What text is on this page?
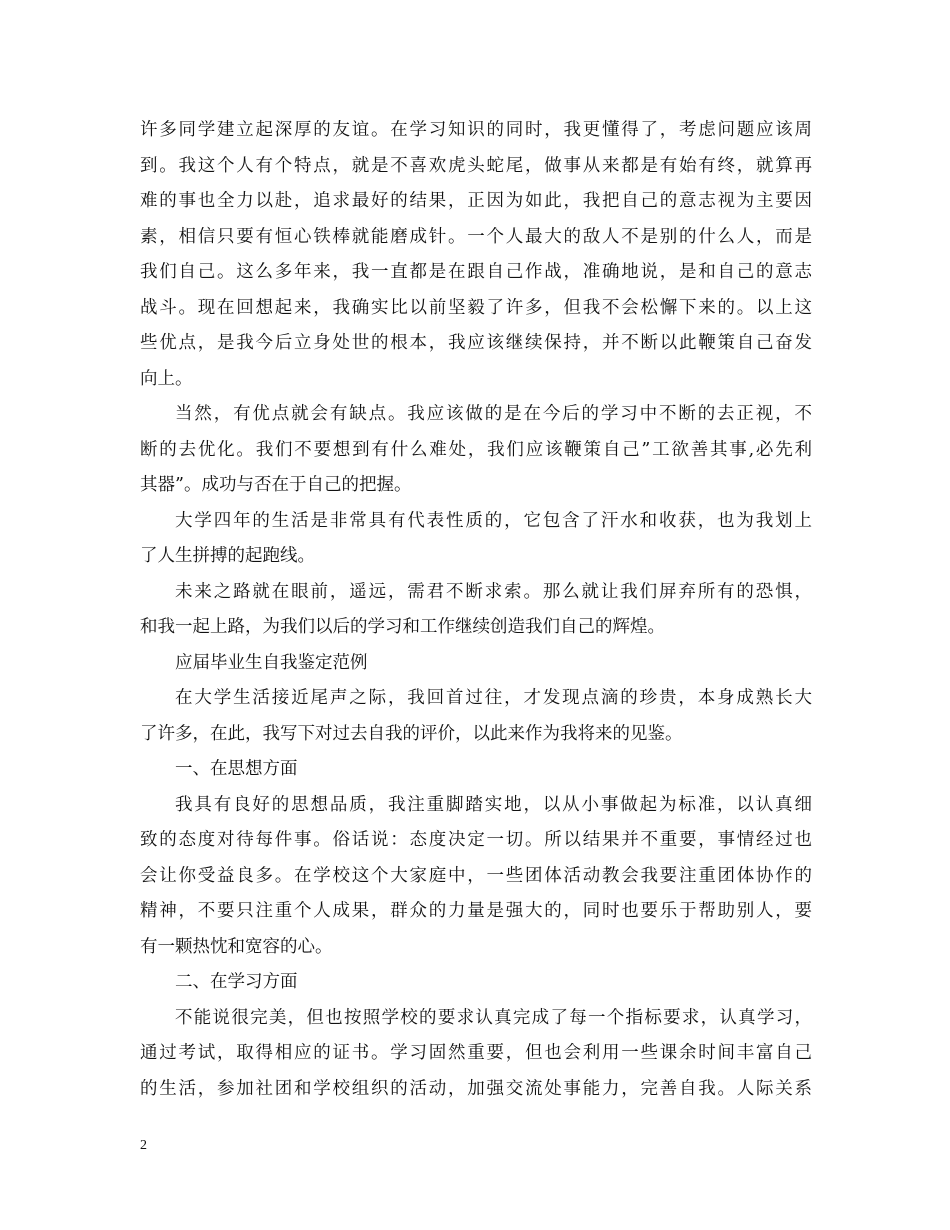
许多同学建立起深厚的友谊。在学习知识的同时，我更懂得了，考虑问题应该周
到。我这个人有个特点，就是不喜欢虎头蛇尾，做事从来都是有始有终，就算再
难的事也全力以赴，追求最好的结果，正因为如此，我把自己的意志视为主要因
素，相信只要有恒心铁棒就能磨成针。一个人最大的敌人不是别的什么人，而是
我们自己。这么多年来，我一直都是在跟自己作战，准确地说，是和自己的意志
战斗。现在回想起来，我确实比以前坚毅了许多，但我不会松懈下来的。以上这
些优点，是我今后立身处世的根本，我应该继续保持，并不断以此鞭策自己奋发
向上。
当然，有优点就会有缺点。我应该做的是在今后的学习中不断的去正视，不
断的去优化。我们不要想到有什么难处，我们应该鞭策自己”工欲善其事,必先利
其器”。成功与否在于自己的把握。
大学四年的生活是非常具有代表性质的，它包含了汗水和收获，也为我划上
了人生拼搏的起跑线。
未来之路就在眼前，遥远，需君不断求索。那么就让我们屏弃所有的恐惧，
和我一起上路，为我们以后的学习和工作继续创造我们自己的辉煌。
应届毕业生自我鉴定范例
在大学生活接近尾声之际，我回首过往，才发现点滴的珍贵，本身成熟长大
了许多，在此，我写下对过去自我的评价，以此来作为我将来的见鉴。
一、在思想方面
我具有良好的思想品质，我注重脚踏实地，以从小事做起为标准，以认真细
致的态度对待每件事。俗话说：态度决定一切。所以结果并不重要，事情经过也
会让你受益良多。在学校这个大家庭中，一些团体活动教会我要注重团体协作的
精神，不要只注重个人成果，群众的力量是强大的，同时也要乐于帮助别人，要
有一颗热忱和宽容的心。
二、在学习方面
不能说很完美，但也按照学校的要求认真完成了每一个指标要求，认真学习，
通过考试，取得相应的证书。学习固然重要，但也会利用一些课余时间丰富自己
的生活，参加社团和学校组织的活动，加强交流处事能力，完善自我。人际关系
2
